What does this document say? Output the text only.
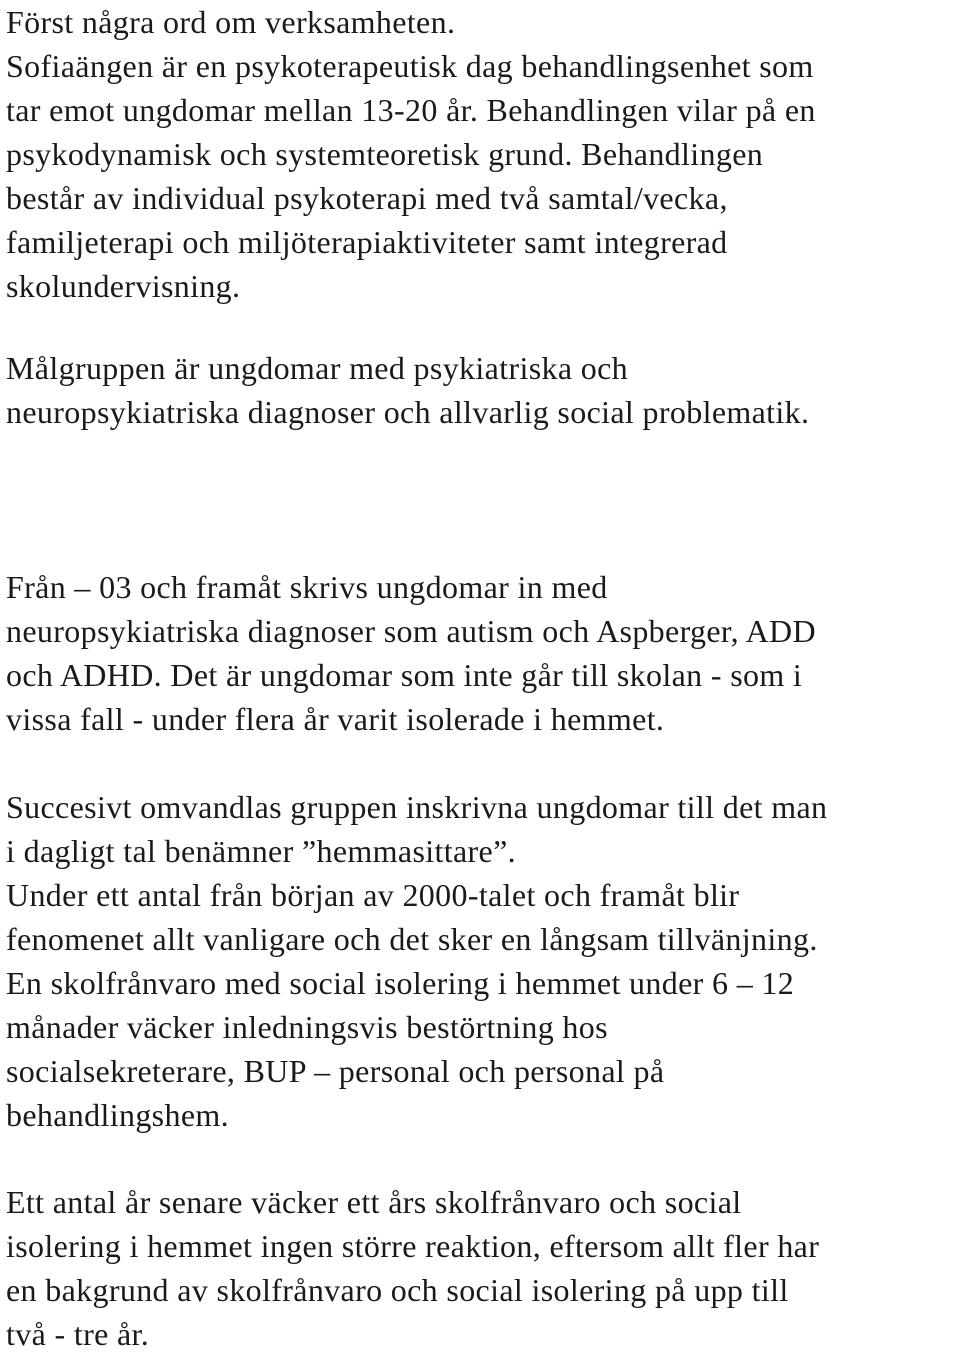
Först några ord om verksamheten.
Sofiaängen är en psykoterapeutisk dag behandlingsenhet som
tar emot ungdomar mellan 13-20 år. Behandlingen vilar på en
psykodynamisk och systemteoretisk grund. Behandlingen
består av individual psykoterapi med två samtal/vecka,
familjeterapi och miljöterapiaktiviteter samt integrerad
skolundervisning.

Målgruppen är ungdomar med psykiatriska och
neuropsykiatriska diagnoser och allvarlig social problematik.

Från – 03 och framåt skrivs ungdomar in med
neuropsykiatriska diagnoser som autism och Aspberger, ADD
och ADHD. Det är ungdomar som inte går till skolan - som i
vissa fall - under flera år varit isolerade i hemmet.

Succesivt omvandlas gruppen inskrivna ungdomar till det man
i dagligt tal benämner ”hemmasittare”.
Under ett antal från början av 2000-talet och framåt blir
fenomenet allt vanligare och det sker en långsam tillvänjning.
En skolfrånvaro med social isolering i hemmet under 6 – 12
månader väcker inledningsvis bestörtning hos
socialsekreterare, BUP – personal och personal på
behandlingshem.

Ett antal år senare väcker ett års skolfrånvaro och social
isolering i hemmet ingen större reaktion, eftersom allt fler har
en bakgrund av skolfrånvaro och social isolering på upp till
två - tre år.
